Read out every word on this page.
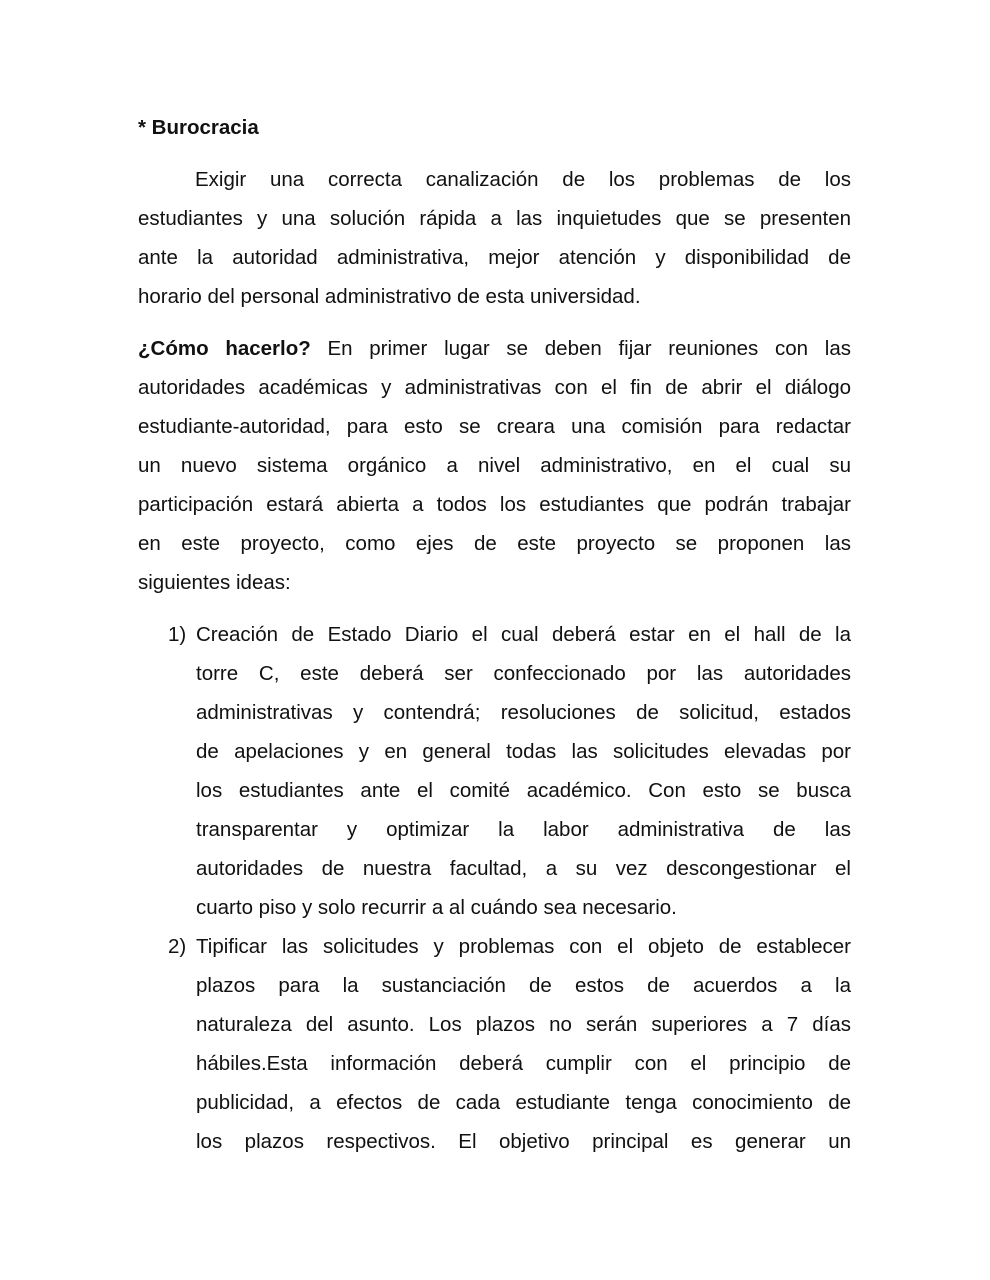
* Burocracia
Exigir una correcta canalización de los problemas de los
estudiantes y una solución rápida a las inquietudes que se presenten
ante la autoridad administrativa, mejor atención y disponibilidad de
horario del personal administrativo de esta universidad.
¿Cómo hacerlo? En primer lugar se deben fijar reuniones con las
autoridades académicas y administrativas con el fin de abrir el diálogo
estudiante-autoridad, para esto se creara una comisión para redactar
un nuevo sistema orgánico a nivel administrativo, en el cual su
participación estará abierta a todos los estudiantes que podrán trabajar
en este proyecto, como ejes de este proyecto se proponen las
siguientes ideas:
1) Creación de Estado Diario el cual deberá estar en el hall de la
torre C, este deberá ser confeccionado por las autoridades
administrativas y contendrá; resoluciones de solicitud, estados
de apelaciones y en general todas las solicitudes elevadas por
los estudiantes ante el comité académico. Con esto se busca
transparentar y optimizar la labor administrativa de las
autoridades de nuestra facultad, a su vez descongestionar el
cuarto piso y solo recurrir a al cuándo sea necesario.
2) Tipificar las solicitudes y problemas con el objeto de establecer
plazos para la sustanciación de estos de acuerdos a la
naturaleza del asunto. Los plazos no serán superiores a 7 días
hábiles.Esta información deberá cumplir con el principio de
publicidad, a efectos de cada estudiante tenga conocimiento de
los plazos respectivos. El objetivo principal es generar un
